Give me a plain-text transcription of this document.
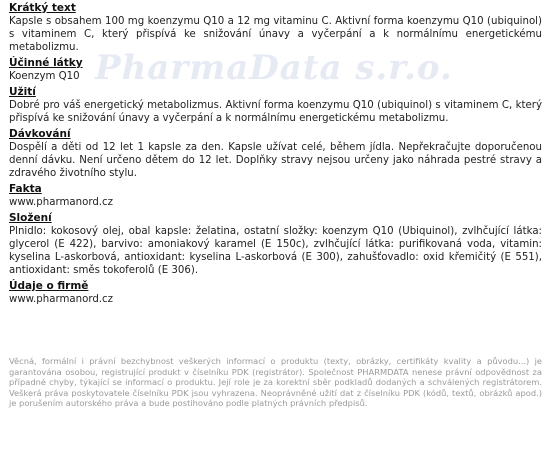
PharmaData s.r.o.
Krátký text

Kapsle s obsahem 100 mg koenzymu Q10 a 12 mg vitaminu C. Aktivní forma koenzymu Q10 (ubiquinol) s vitaminem C, který přispívá ke snižování únavy a vyčerpání a k normálnímu energetickému metabolizmu.

Účinné látky

Koenzym Q10

Užití

Dobré pro váš energetický metabolizmus. Aktivní forma koenzymu Q10 (ubiquinol) s vitaminem C, který přispívá ke snižování únavy a vyčerpání a k normálnímu energetickému metabolizmu.

Dávkování

Dospělí a děti od 12 let 1 kapsle za den. Kapsle užívat celé, během jídla. Nepřekračujte doporučenou denní dávku. Není určeno dětem do 12 let. Doplňky stravy nejsou určeny jako náhrada pestré stravy a zdravého životního stylu.

Fakta

www.pharmanord.cz

Složení

Plnidlo: kokosový olej, obal kapsle: želatina, ostatní složky: koenzym Q10 (Ubiquinol), zvlhčující látka: glycerol (E 422), barvivo: amoniakový karamel (E 150c), zvlhčující látka: purifikovaná voda, vitamin: kyselina L-askorbová, antioxidant: kyselina L-askorbová (E 300), zahušťovadlo: oxid křemičitý (E 551), antioxidant: směs tokoferolů (E 306).

Údaje o firmě

www.pharmanord.cz

Věcná, formální i právní bezchybnost veškerých informací o produktu (texty, obrázky, certifikáty kvality a původu...) je garantována osobou, registrující produkt v číselníku PDK (registrátor). Společnost PHARMDATA nenese právní odpovědnost za případné chyby, týkající se informací o produktu. Její role je za korektní sběr podkladů dodaných a schválených registrátorem. Veškerá práva poskytovatele číselníku PDK jsou vyhrazena. Neoprávněné užití dat z číselníku PDK (kódů, textů, obrázků apod.) je porušením autorského práva a bude postihováno podle platných právních předpisů.
